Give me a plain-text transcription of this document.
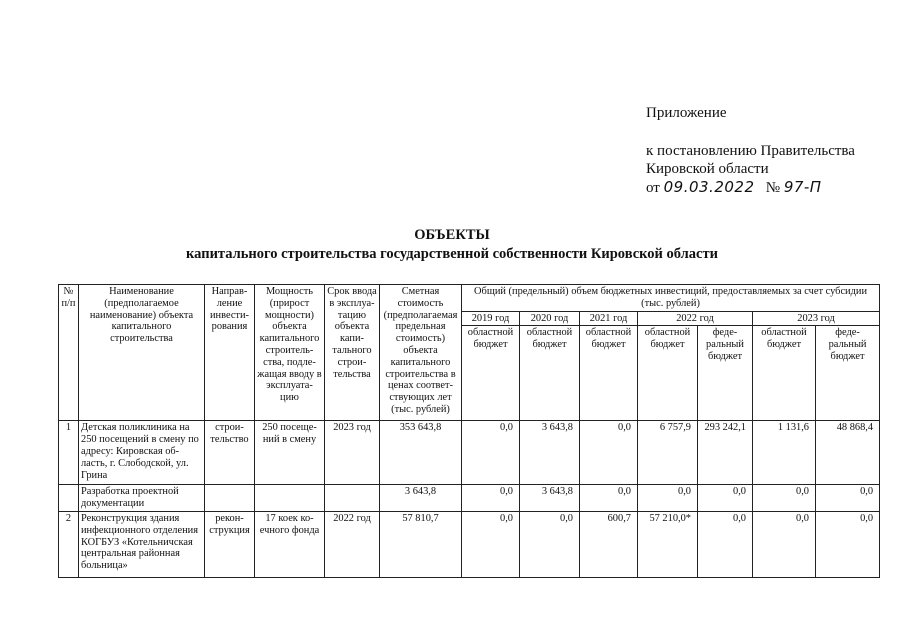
Приложение
к постановлению Правительства
Кировской области
от 09.03.2022 № 97-П
ОБЪЕКТЫ
капитального строительства государственной собственности Кировской области
№ п/п	Наименование (предполагаемое наименование) объекта капитального строительства	Направ-ление инвести-рования	Мощность (прирост мощности) объекта капитального строитель-ства, подле-жащая вводу в эксплуата-цию	Срок ввода в эксплуа-тацию объекта капи-тального строи-тельства	Сметная стоимость (предполагаемая предельная стоимость) объекта капитального строительства в ценах соответ-ствующих лет (тыс. рублей)	Общий (предельный) объем бюджетных инвестиций, предоставляемых за счет субсидии (тыс. рублей)						
						2019 год	2020 год	2021 год	2022 год		2023 год	
						областной бюджет	областной бюджет	областной бюджет	областной бюджет	феде-ральный бюджет	областной бюджет	феде-ральный бюджет
1	Детская поликлиника на 250 посещений в смену по адресу: Кировская об-ласть, г. Слободской, ул. Грина	строи-тельство	250 посеще-ний в смену	2023 год	353 643,8	0,0	3 643,8	0,0	6 757,9	293 242,1	1 131,6	48 868,4
	Разработка проектной документации				3 643,8	0,0	3 643,8	0,0	0,0	0,0	0,0	0,0
2	Реконструкция здания инфекционного отделения КОГБУЗ «Котельничская центральная районная больница»	рекон-струкция	17 коек ко-ечного фонда	2022 год	57 810,7	0,0	0,0	600,7	57 210,0*	0,0	0,0	0,0
